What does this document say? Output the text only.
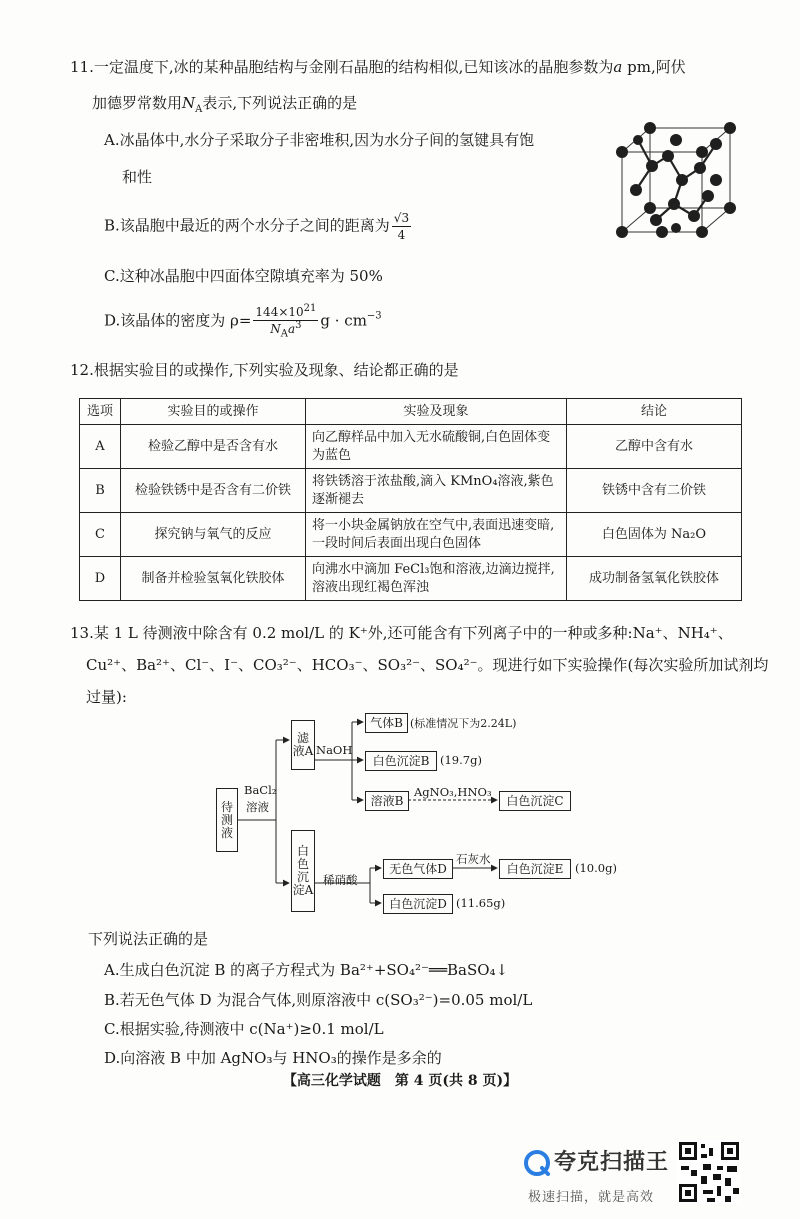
11.一定温度下,冰的某种晶胞结构与金刚石晶胞的结构相似,已知该冰的晶胞参数为a pm,阿伏
加德罗常数用$N_A$表示,下列说法正确的是
A.冰晶体中,水分子采取分子非密堆积,因为水分子间的氢键具有饱
和性
B.该晶胞中最近的两个水分子之间的距离为 $\frac{√3}{4}$
C.这种冰晶胞中四面体空隙填充率为 50%
D.该晶体的密度为 $\rho= \frac{144\times 10^{21}}{N_Aa^3}$ $g \cdot cm^{-3}$
12.根据实验目的或操作,下列实验及现象、结论都正确的是
选项	实验目的或操作	实验及现象	结论
A	检验乙醇中是否含有水	向乙醇样品中加入无水硫酸铜,白色固体变为蓝色	乙醇中含有水
B	检验铁锈中是否含有二价铁	将铁锈溶于浓盐酸,滴入 KMnO₄溶液,紫色逐渐褪去	铁锈中含有二价铁
C	探究钠与氧气的反应	将一小块金属钠放在空气中,表面迅速变暗,一段时间后表面出现白色固体	白色固体为 Na₂O
D	制备并检验氢氧化铁胶体	向沸水中滴加 FeCl₃饱和溶液,边滴边搅拌,溶液出现红褐色浑浊	成功制备氢氧化铁胶体
13.某 1 L 待测液中除含有 0.2 mol/L 的 K⁺外,还可能含有下列离子中的一种或多种:Na⁺、NH₄⁺、
Cu²⁺、Ba²⁺、Cl⁻、I⁻、CO₃²⁻、HCO₃⁻、SO₃²⁻、SO₄²⁻。现进行如下实验操作(每次实验所加试剂均
过量):
待测液
BaCl₂
溶液
滤液A
白色沉淀A
NaOH
气体B (标准情况下为2.24L)
白色沉淀B (19.7g)
溶液B
AgNO₃,HNO₃
白色沉淀C
稀硝酸
无色气体D
石灰水
白色沉淀E	(10.0g)
白色沉淀D (11.65g)
下列说法正确的是
A.生成白色沉淀 B 的离子方程式为 Ba²⁺+SO₄²⁻══BaSO₄↓
B.若无色气体 D 为混合气体,则原溶液中 c(SO₃²⁻)=0.05 mol/L
C.根据实验,待测液中 c(Na⁺)≥0.1 mol/L
D.向溶液 B 中加 AgNO₃与 HNO₃的操作是多余的
【高三化学试题　第 4 页(共 8 页)】
夸克扫描王
极速扫描，就是高效
